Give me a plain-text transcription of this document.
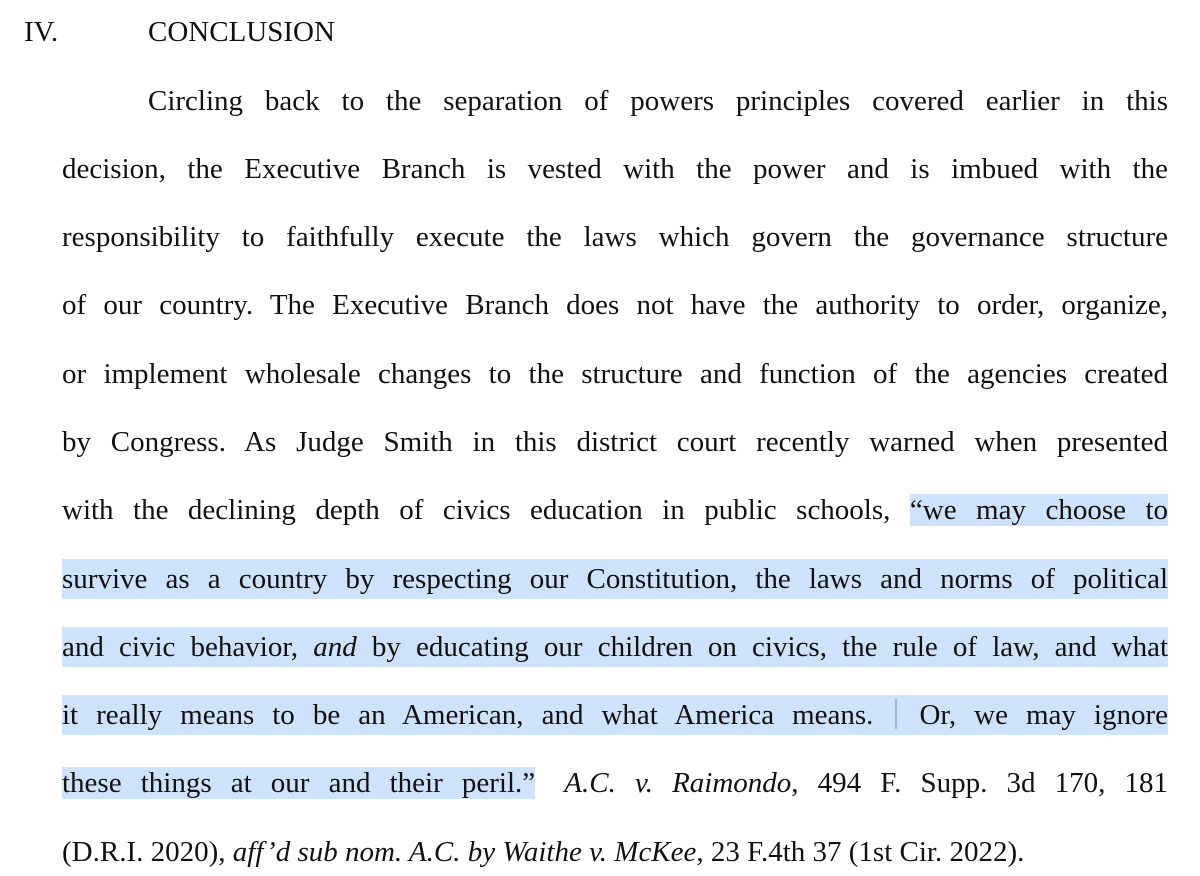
IV.	CONCLUSION
Circling back to the separation of powers principles covered earlier in this
decision, the Executive Branch is vested with the power and is imbued with the
responsibility to faithfully execute the laws which govern the governance structure
of our country. The Executive Branch does not have the authority to order, organize,
or implement wholesale changes to the structure and function of the agencies created
by Congress. As Judge Smith in this district court recently warned when presented
with the declining depth of civics education in public schools, “we may choose to
survive as a country by respecting our Constitution, the laws and norms of political
and civic behavior, and by educating our children on civics, the rule of law, and what
it really means to be an American, and what America means. Or, we may ignore
these things at our and their peril.” A.C. v. Raimondo, 494 F. Supp. 3d 170, 181
(D.R.I. 2020), aff’d sub nom. A.C. by Waithe v. McKee, 23 F.4th 37 (1st Cir. 2022).
